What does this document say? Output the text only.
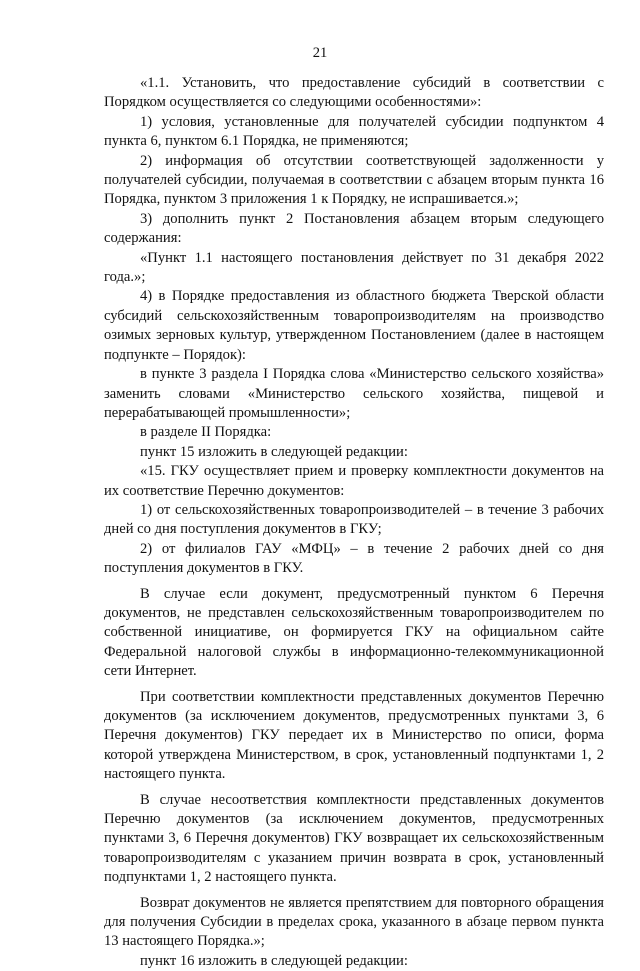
21

«1.1. Установить, что предоставление субсидий в соответствии с Порядком осуществляется со следующими особенностями»:

1) условия, установленные для получателей субсидии подпунктом 4 пункта 6, пунктом 6.1 Порядка, не применяются;

2) информация об отсутствии соответствующей задолженности у получателей субсидии, получаемая в соответствии с абзацем вторым пункта 16 Порядка, пунктом 3 приложения 1 к Порядку, не испрашивается.»;

3) дополнить пункт 2 Постановления абзацем вторым следующего содержания:

«Пункт 1.1 настоящего постановления действует по 31 декабря 2022 года.»;

4) в Порядке предоставления из областного бюджета Тверской области субсидий сельскохозяйственным товаропроизводителям на производство озимых зерновых культур, утвержденном Постановлением (далее в настоящем подпункте – Порядок):

в пункте 3 раздела I Порядка слова «Министерство сельского хозяйства» заменить словами «Министерство сельского хозяйства, пищевой и перерабатывающей промышленности»;

в разделе II Порядка:

пункт 15 изложить в следующей редакции:

«15. ГКУ осуществляет прием и проверку комплектности документов на их соответствие Перечню документов:

1) от сельскохозяйственных товаропроизводителей – в течение 3 рабочих дней со дня поступления документов в ГКУ;

2) от филиалов ГАУ «МФЦ» – в течение 2 рабочих дней со дня поступления документов в ГКУ.

В случае если документ, предусмотренный пунктом 6 Перечня документов, не представлен сельскохозяйственным товаропроизводителем по собственной инициативе, он формируется ГКУ на официальном сайте Федеральной налоговой службы в информационно-телекоммуникационной сети Интернет.

При соответствии комплектности представленных документов Перечню документов (за исключением документов, предусмотренных пунктами 3, 6 Перечня документов) ГКУ передает их в Министерство по описи, форма которой утверждена Министерством, в срок, установленный подпунктами 1, 2 настоящего пункта.

В случае несоответствия комплектности представленных документов Перечню документов (за исключением документов, предусмотренных пунктами 3, 6 Перечня документов) ГКУ возвращает их сельскохозяйственным товаропроизводителям с указанием причин возврата в срок, установленный подпунктами 1, 2 настоящего пункта.

Возврат документов не является препятствием для повторного обращения для получения Субсидии в пределах срока, указанного в абзаце первом пункта 13 настоящего Порядка.»;

пункт 16 изложить в следующей редакции:
